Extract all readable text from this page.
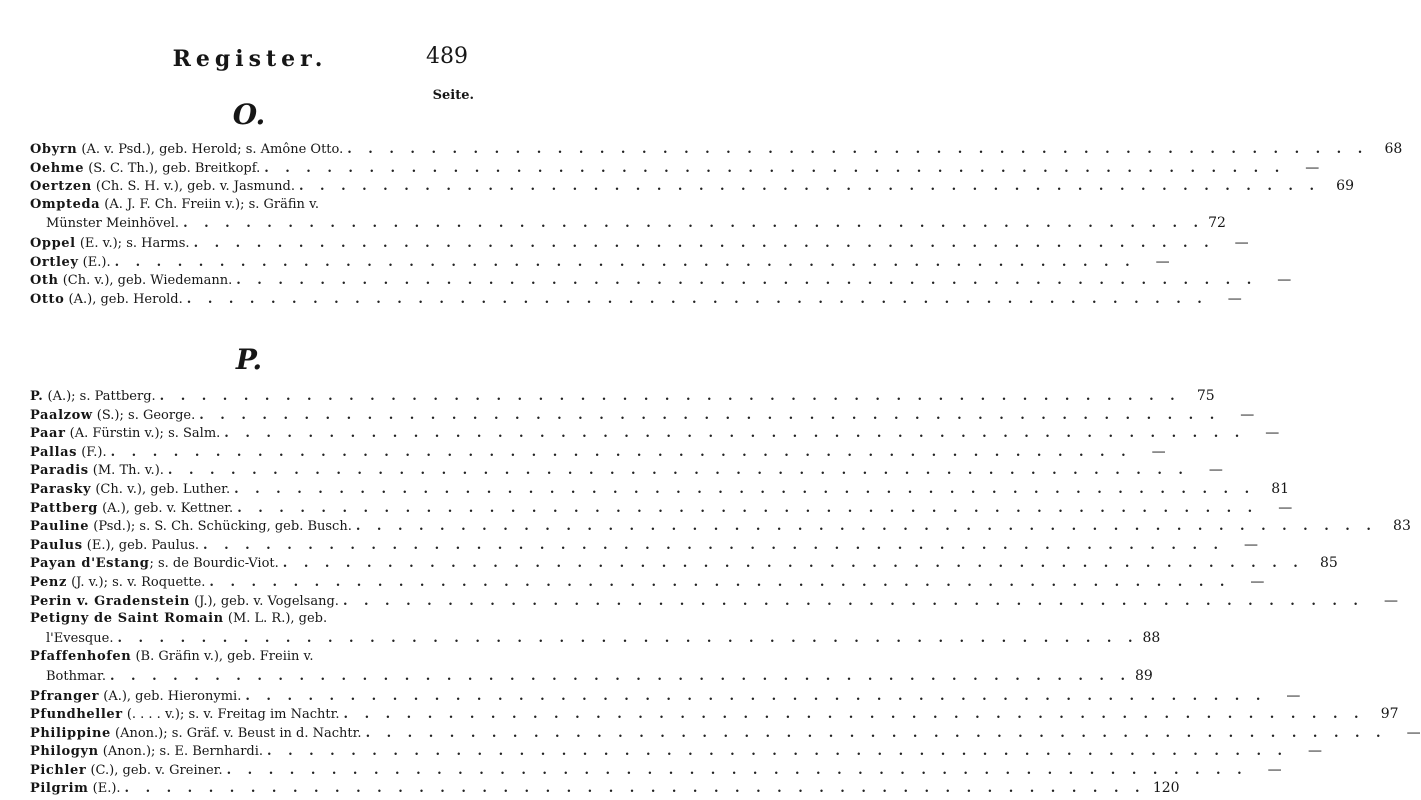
Register.	489
Seite.
O.
Obyrn (A. v. Psd.), geb. Herold; s. Amône Otto. . . .	68
Oehme (S. C. Th.), geb. Breitkopf. . . .	—
Oertzen (Ch. S. H. v.), geb. v. Jasmund. . . .	69
Ompteda (A. J. F. Ch. Freiin v.); s. Gräfin v.
Münster Meinhövel. . . .	72
Oppel (E. v.); s. Harms. . . .	—
Ortley (E.). . . .	—
Oth (Ch. v.), geb. Wiedemann. . . .	—
Otto (A.), geb. Herold. . . .	—
P.
P. (A.); s. Pattberg. . . .	75
Paalzow (S.); s. George. . . .	—
Paar (A. Fürstin v.); s. Salm. . . .	—
Pallas (F.). . . .	—
Paradis (M. Th. v.). . . .	—
Parasky (Ch. v.), geb. Luther. . . .	81
Pattberg (A.), geb. v. Kettner. . . .	—
Pauline (Psd.); s. S. Ch. Schücking, geb. Busch. . . .	83
Paulus (E.), geb. Paulus. . . .	—
Payan d'Estang; s. de Bourdic-Viot. . . .	85
Penz (J. v.); s. v. Roquette. . . .	—
Perin v. Gradenstein (J.), geb. v. Vogelsang. . . .	—
Petigny de Saint Romain (M. L. R.), geb.
l'Evesque. . . .	88
Pfaffenhofen (B. Gräfin v.), geb. Freiin v.
Bothmar. . . .	89
Pfranger (A.), geb. Hieronymi. . . .	—
Pfundheller (. . . . v.); s. v. Freitag im Nachtr. . . .	97
Philippine (Anon.); s. Gräf. v. Beust in d. Nachtr. . . .	—
Philogyn (Anon.); s. E. Bernhardi. . . .	—
Pichler (C.), geb. v. Greiner. . . .	—
Pilgrim (E.). . . .	120
